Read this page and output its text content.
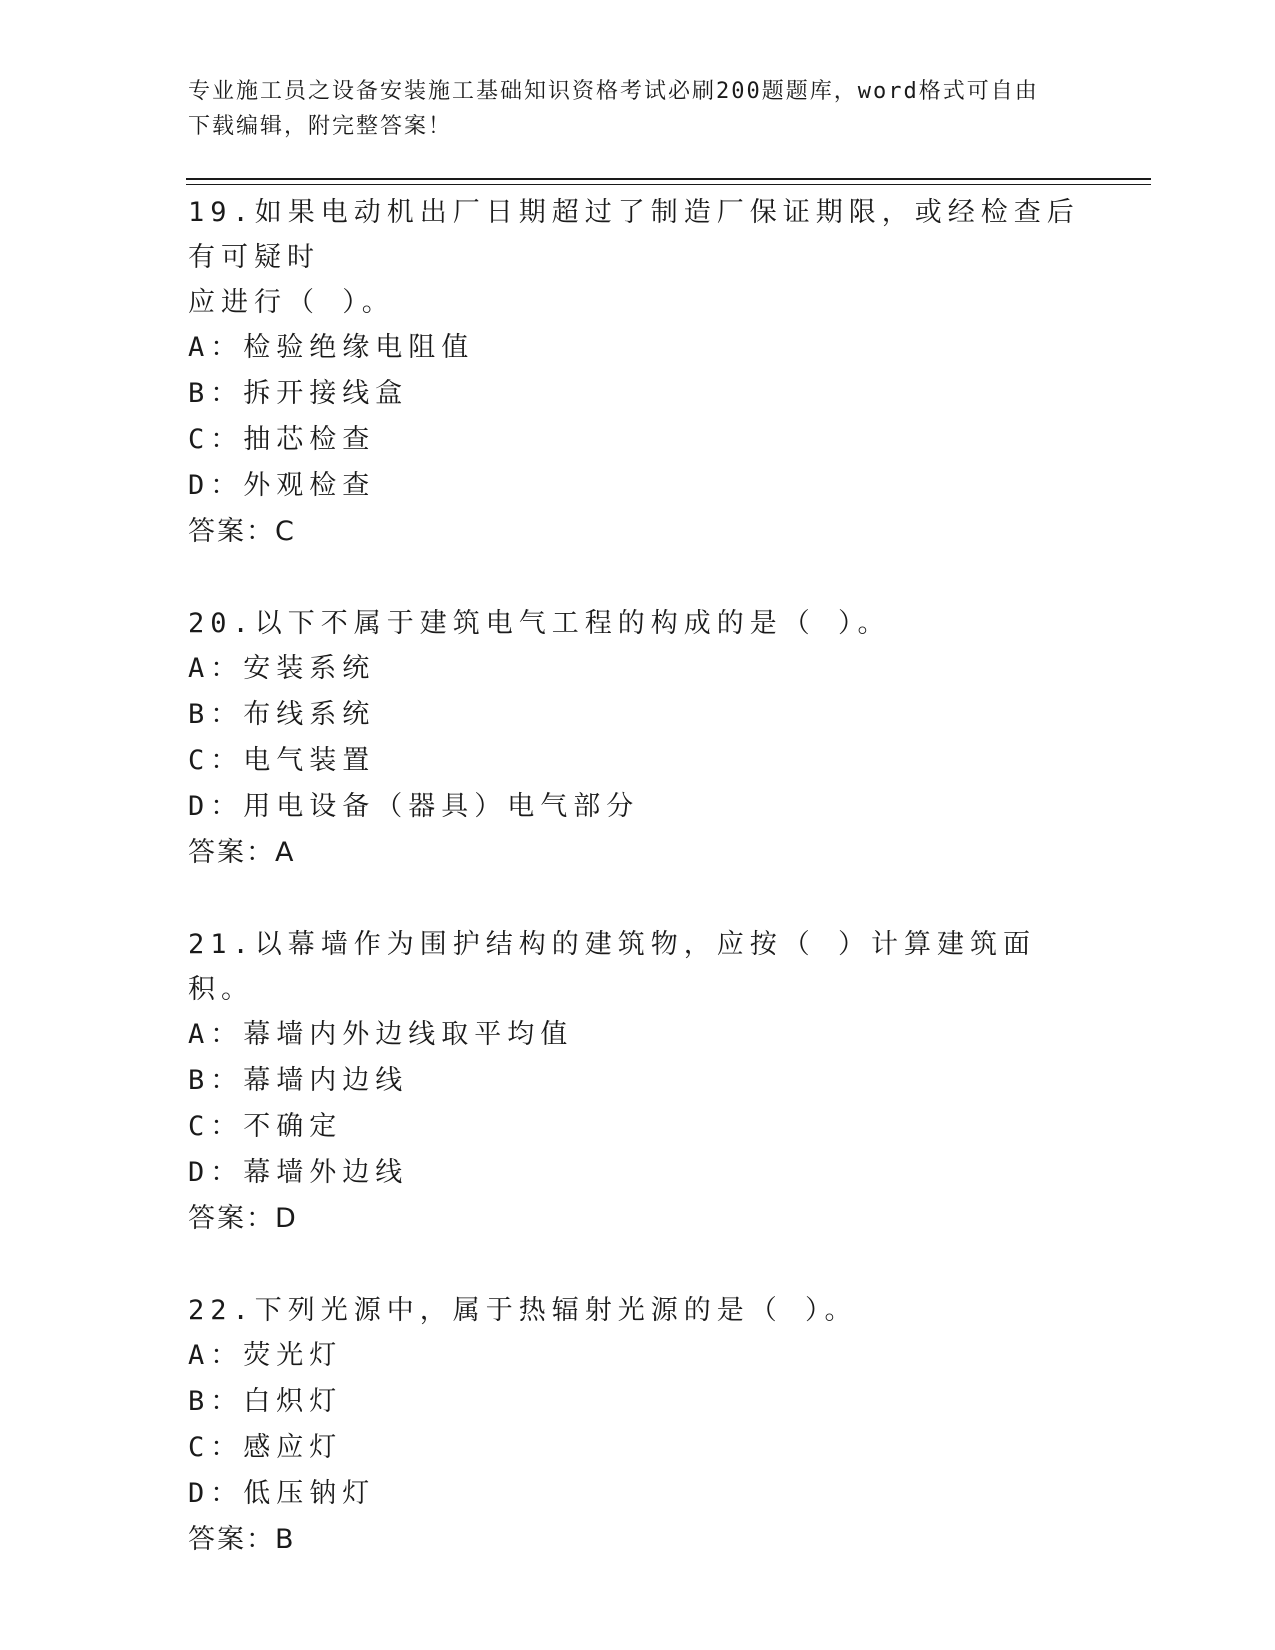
专业施工员之设备安装施工基础知识资格考试必刷200题题库，word格式可自由
下载编辑，附完整答案！

19.如果电动机出厂日期超过了制造厂保证期限，或经检查后有可疑时

应进行（ ）。

A：检验绝缘电阻值

B：拆开接线盒

C：抽芯检查

D：外观检查

答案：C

20.以下不属于建筑电气工程的构成的是（ ）。

A：安装系统

B：布线系统

C：电气装置

D：用电设备（器具）电气部分

答案：A

21.以幕墙作为围护结构的建筑物，应按（ ）计算建筑面积。

A：幕墙内外边线取平均值

B：幕墙内边线

C：不确定

D：幕墙外边线

答案：D

22.下列光源中，属于热辐射光源的是（ ）。

A：荧光灯

B：白炽灯

C：感应灯

D：低压钠灯

答案：B
